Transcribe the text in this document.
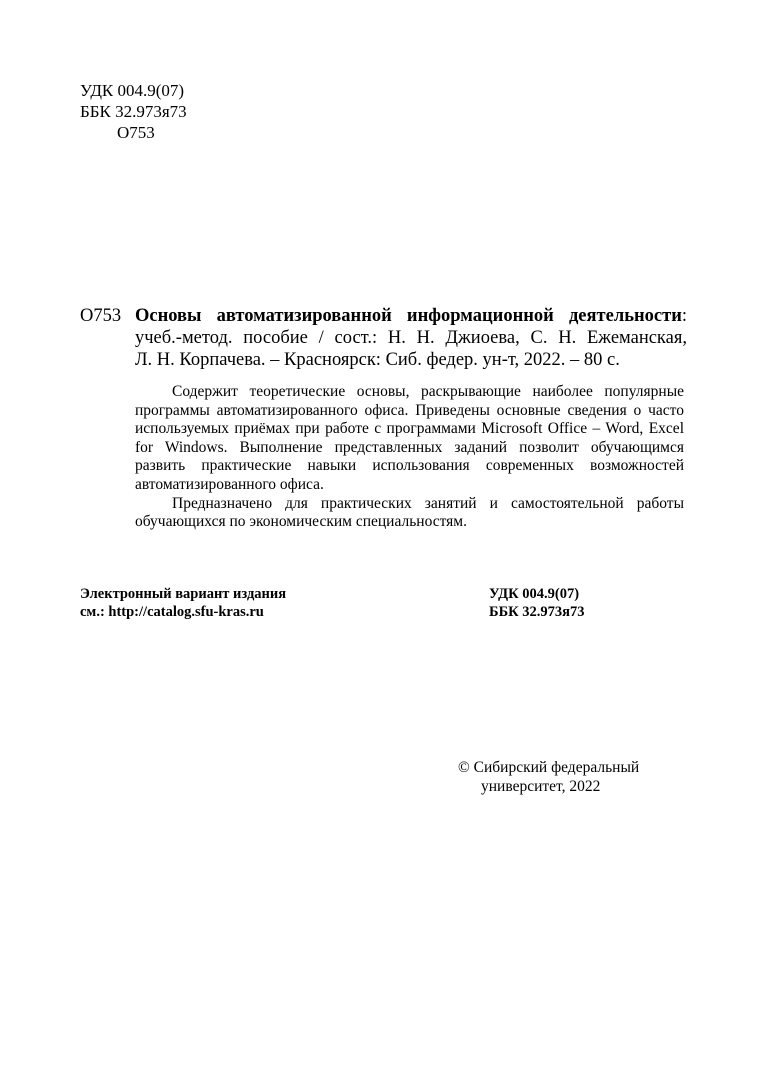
УДК 004.9(07)
ББК 32.973я73
О753
О753 Основы автоматизированной информационной деятельности: учеб.-метод. пособие / сост.: Н. Н. Джиоева, С. Н. Ежеманская,
Л. Н. Корпачева. – Красноярск: Сиб. федер. ун-т, 2022. – 80 с.

Содержит теоретические основы, раскрывающие наиболее популярные программы автоматизированного офиса. Приведены основные сведения о часто используемых приёмах при работе с программами Microsoft Office – Word, Excel for Windows. Выполнение представленных заданий позволит обучающимся развить практические навыки использования современных возможностей автоматизированного офиса.

Предназначено для практических занятий и самостоятельной работы обучающихся по экономическим специальностям.

Электронный вариант издания
см.: http://catalog.sfu-kras.ru
УДК 004.9(07)
ББК 32.973я73
© Сибирский федеральный
университет, 2022
